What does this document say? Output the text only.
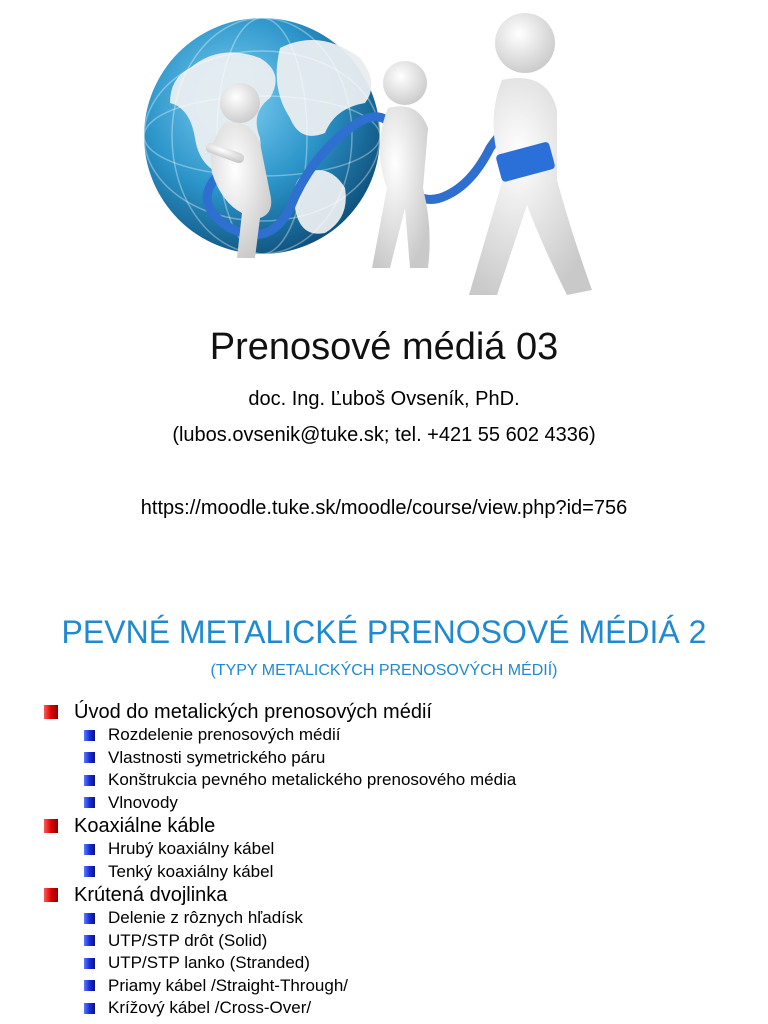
Prenosové médiá 03
doc. Ing. Ľuboš Ovseník, PhD.
(lubos.ovsenik@tuke.sk; tel. +421 55 602 4336)
https://moodle.tuke.sk/moodle/course/view.php?id=756
PEVNÉ METALICKÉ PRENOSOVÉ MÉDIÁ 2
(TYPY METALICKÝCH PRENOSOVÝCH MÉDIÍ)
Úvod do metalických prenosových médií
Rozdelenie prenosových médií
Vlastnosti symetrického páru
Konštrukcia pevného metalického prenosového média
Vlnovody
Koaxiálne káble
Hrubý koaxiálny kábel
Tenký koaxiálny kábel
Krútená dvojlinka
Delenie z rôznych hľadísk
UTP/STP drôt (Solid)
UTP/STP lanko (Stranded)
Priamy kábel /Straight-Through/
Krížový kábel /Cross-Over/
